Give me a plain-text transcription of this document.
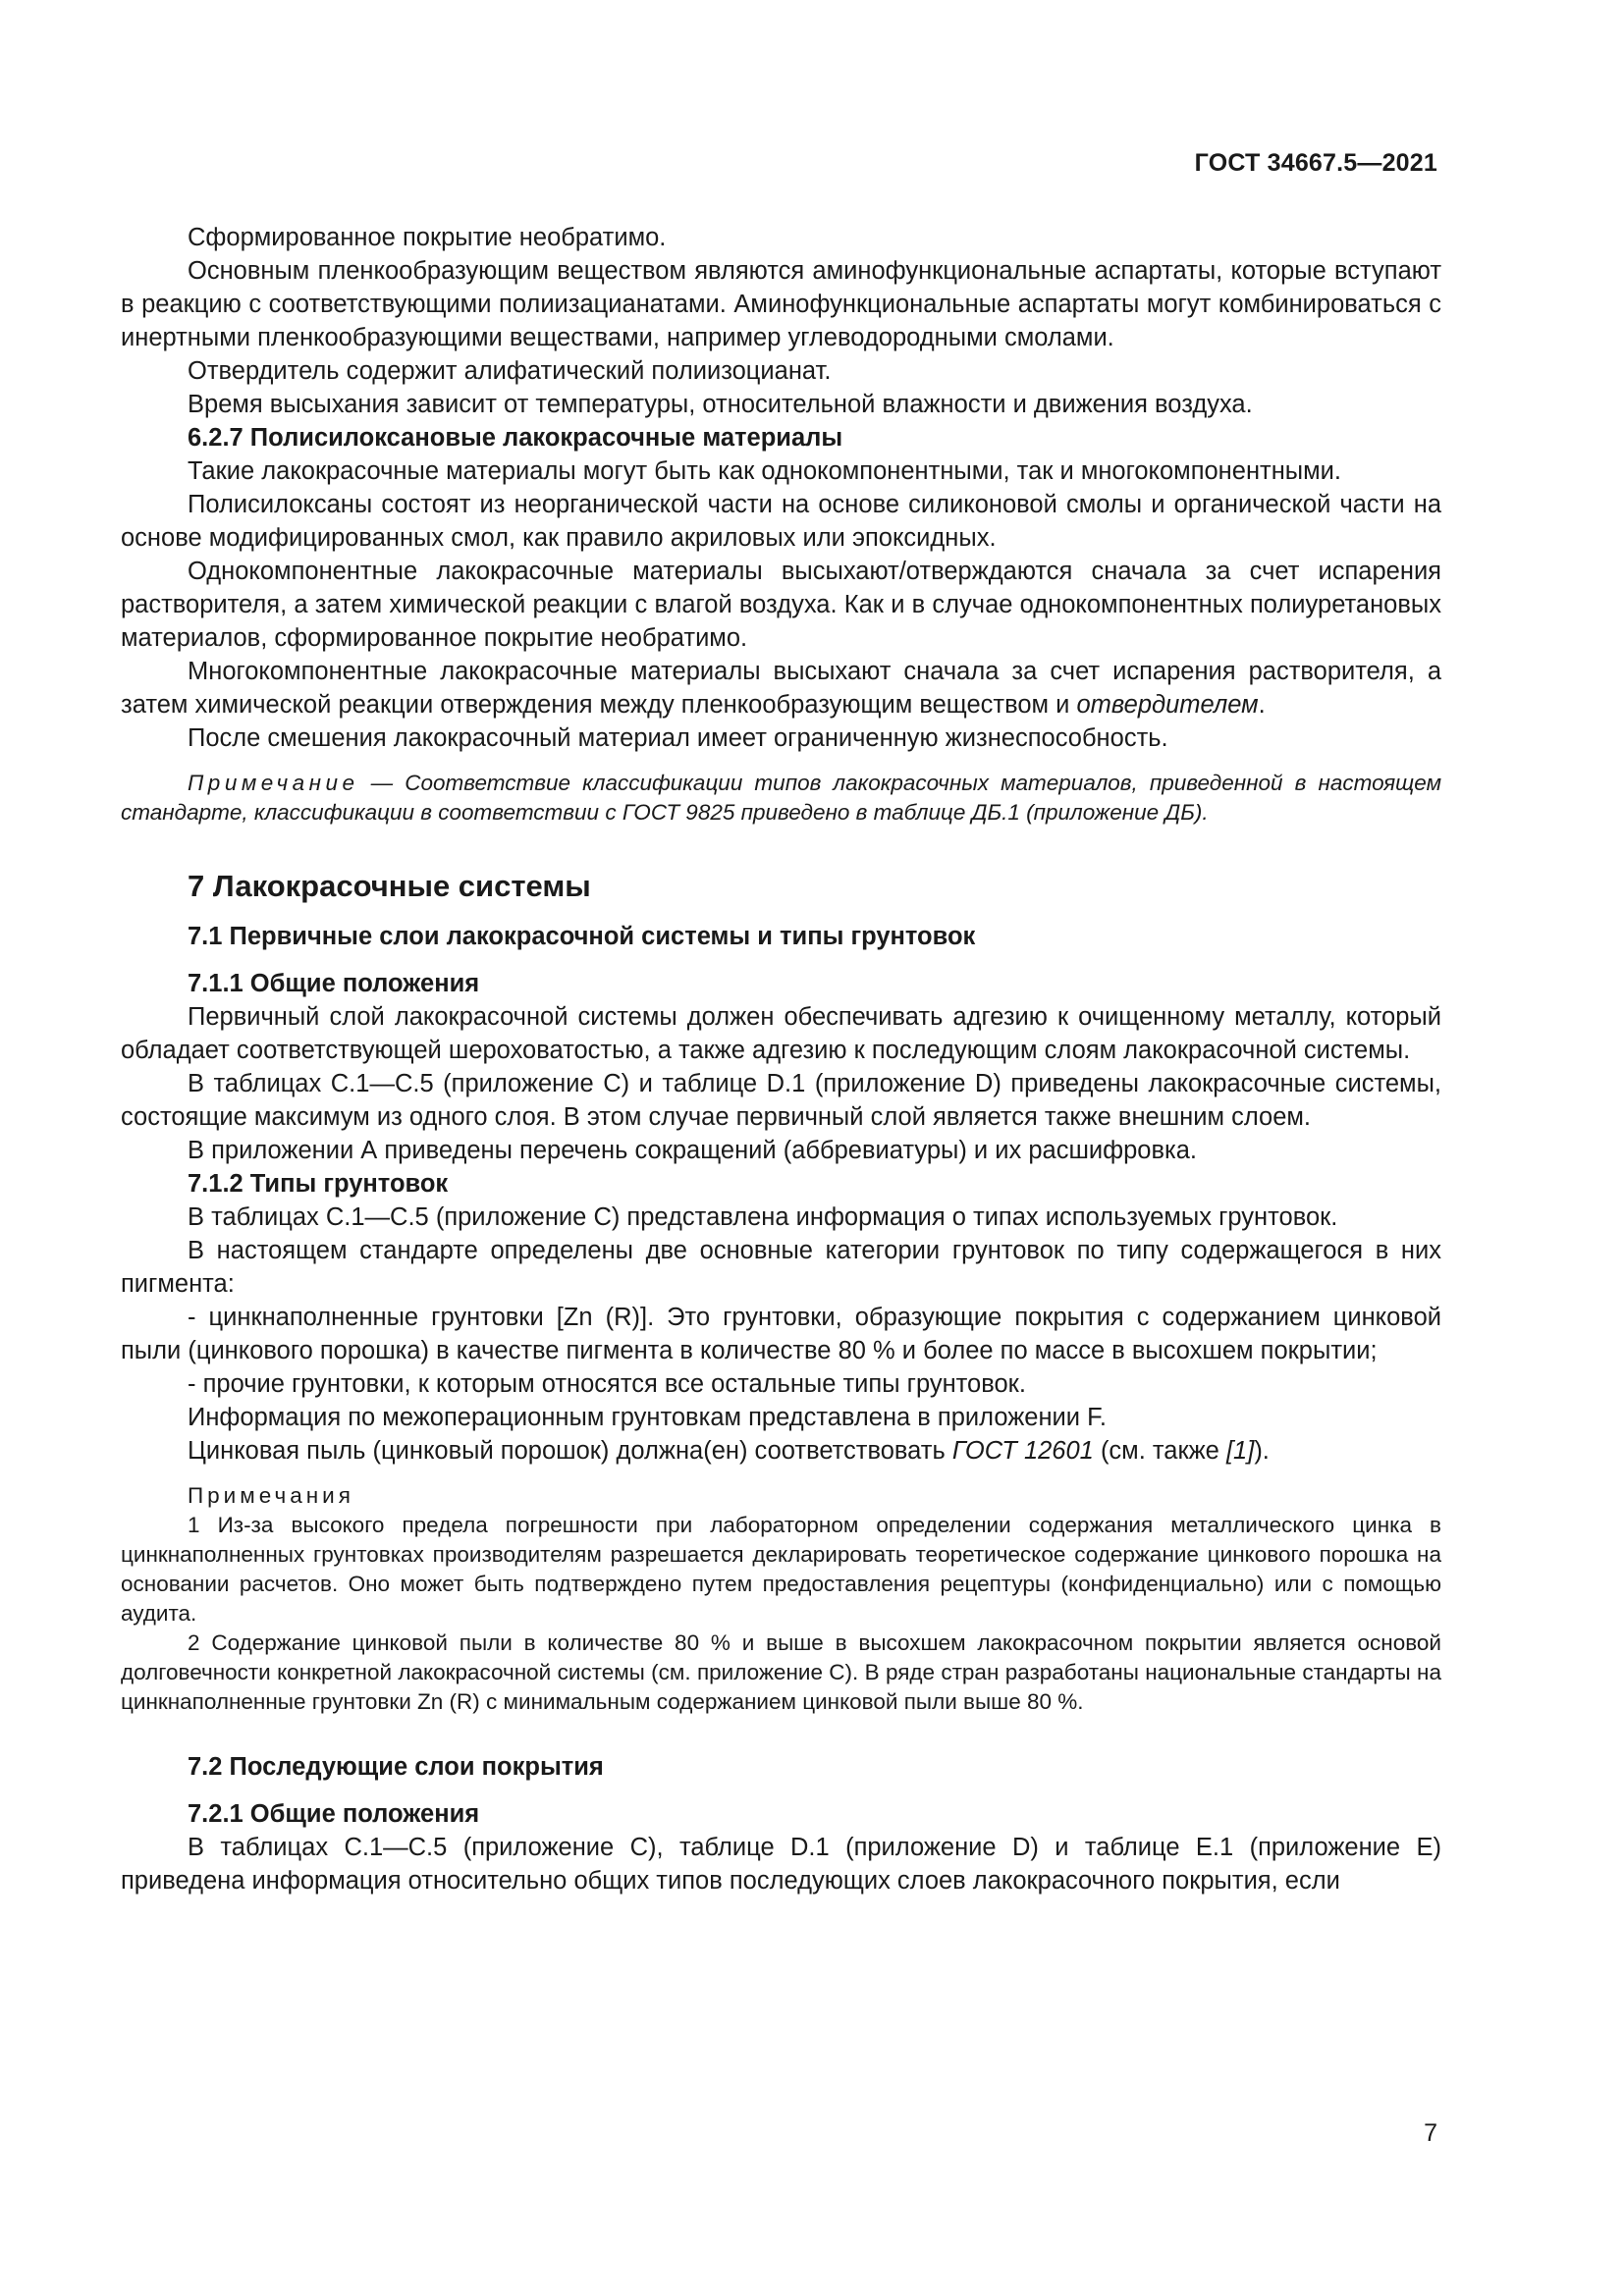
ГОСТ 34667.5—2021

Сформированное покрытие необратимо.

Основным пленкообразующим веществом являются аминофункциональные аспартаты, которые вступают в реакцию с соответствующими полиизацианатами. Аминофункциональные аспартаты могут комбинироваться с инертными пленкообразующими веществами, например углеводородными смолами.

Отвердитель содержит алифатический полиизоцианат.

Время высыхания зависит от температуры, относительной влажности и движения воздуха.

6.2.7 Полисилоксановые лакокрасочные материалы

Такие лакокрасочные материалы могут быть как однокомпонентными, так и многокомпонентными.

Полисилоксаны состоят из неорганической части на основе силиконовой смолы и органической части на основе модифицированных смол, как правило акриловых или эпоксидных.

Однокомпонентные лакокрасочные материалы высыхают/отверждаются сначала за счет испарения растворителя, а затем химической реакции с влагой воздуха. Как и в случае однокомпонентных полиуретановых материалов, сформированное покрытие необратимо.

Многокомпонентные лакокрасочные материалы высыхают сначала за счет испарения растворителя, а затем химической реакции отверждения между пленкообразующим веществом и отвердителем.

После смешения лакокрасочный материал имеет ограниченную жизнеспособность.

Примечание — Соответствие классификации типов лакокрасочных материалов, приведенной в настоящем стандарте, классификации в соответствии с ГОСТ 9825 приведено в таблице ДБ.1 (приложение ДБ).

7 Лакокрасочные системы

7.1 Первичные слои лакокрасочной системы и типы грунтовок

7.1.1 Общие положения

Первичный слой лакокрасочной системы должен обеспечивать адгезию к очищенному металлу, который обладает соответствующей шероховатостью, а также адгезию к последующим слоям лакокрасочной системы.

В таблицах C.1—C.5 (приложение C) и таблице D.1 (приложение D) приведены лакокрасочные системы, состоящие максимум из одного слоя. В этом случае первичный слой является также внешним слоем.

В приложении А приведены перечень сокращений (аббревиатуры) и их расшифровка.

7.1.2 Типы грунтовок

В таблицах C.1—C.5 (приложение C) представлена информация о типах используемых грунтовок.

В настоящем стандарте определены две основные категории грунтовок по типу содержащегося в них пигмента:

- цинкнаполненные грунтовки [Zn (R)]. Это грунтовки, образующие покрытия с содержанием цинковой пыли (цинкового порошка) в качестве пигмента в количестве 80 % и более по массе в высохшем покрытии;

- прочие грунтовки, к которым относятся все остальные типы грунтовок.

Информация по межоперационным грунтовкам представлена в приложении F.

Цинковая пыль (цинковый порошок) должна(ен) соответствовать ГОСТ 12601 (см. также [1]).

Примечания

1 Из-за высокого предела погрешности при лабораторном определении содержания металлического цинка в цинкнаполненных грунтовках производителям разрешается декларировать теоретическое содержание цинкового порошка на основании расчетов. Оно может быть подтверждено путем предоставления рецептуры (конфиденциально) или с помощью аудита.

2 Содержание цинковой пыли в количестве 80 % и выше в высохшем лакокрасочном покрытии является основой долговечности конкретной лакокрасочной системы (см. приложение C). В ряде стран разработаны национальные стандарты на цинкнаполненные грунтовки Zn (R) с минимальным содержанием цинковой пыли выше 80 %.

7.2 Последующие слои покрытия

7.2.1 Общие положения

В таблицах C.1—C.5 (приложение C), таблице D.1 (приложение D) и таблице E.1 (приложение E) приведена информация относительно общих типов последующих слоев лакокрасочного покрытия, если

7
